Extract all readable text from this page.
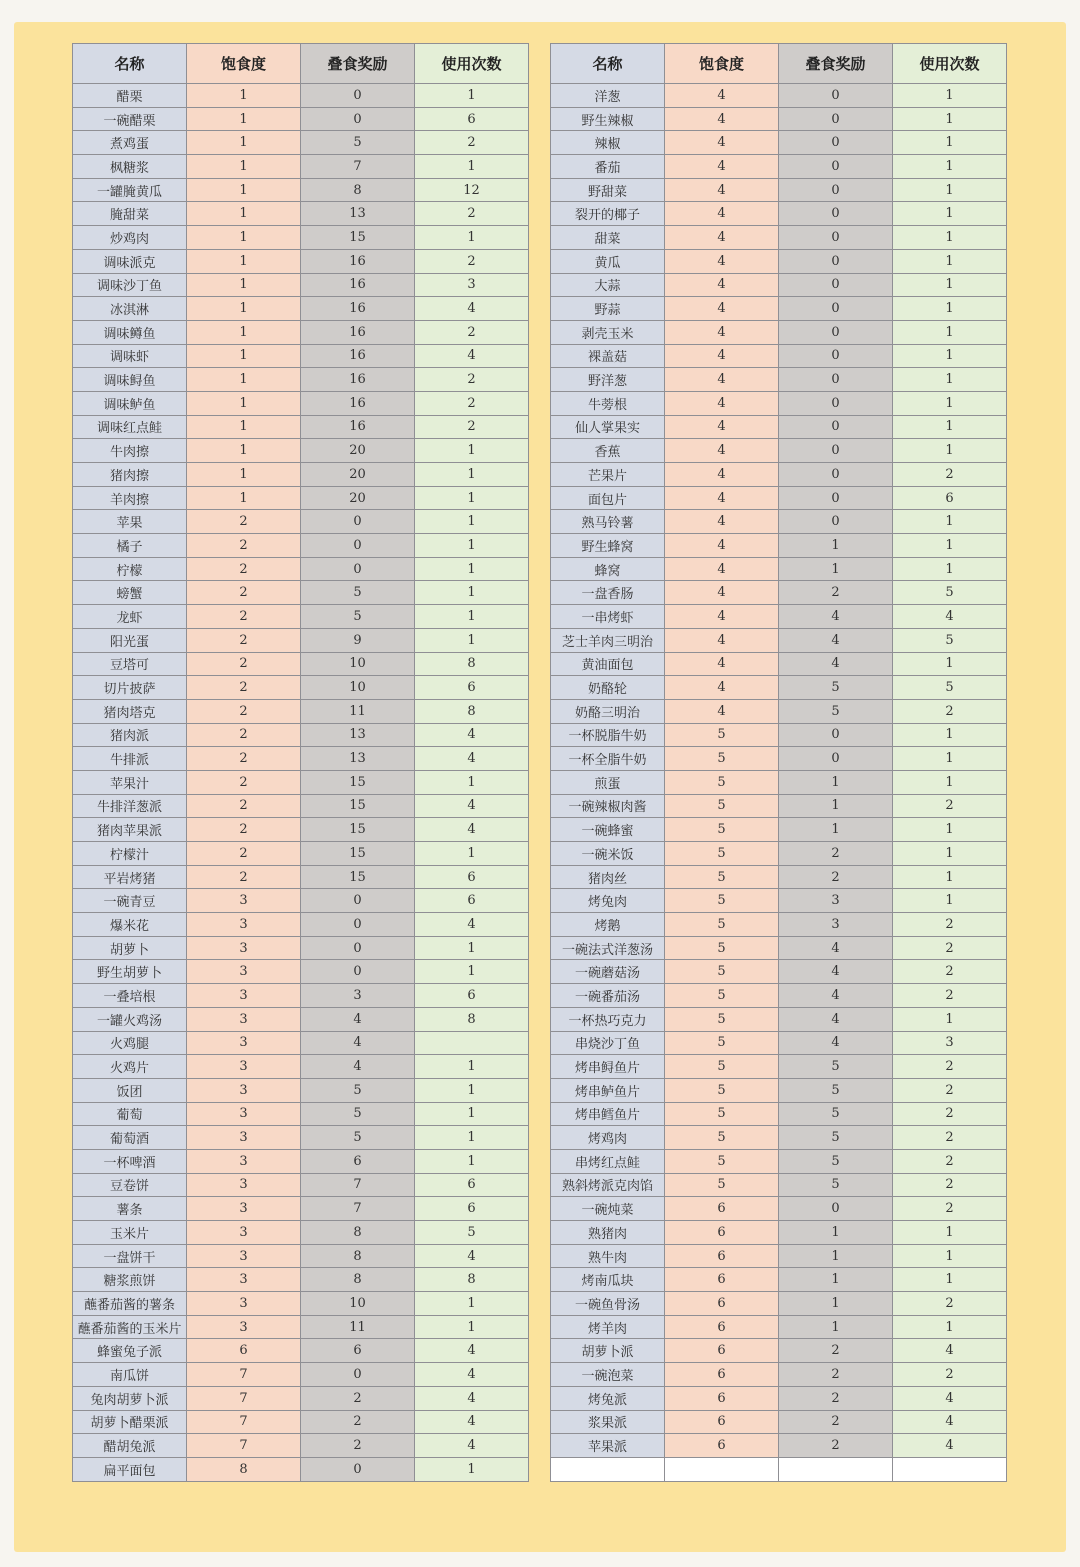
名称	饱食度	叠食奖励	使用次数
醋栗	1	0	1
一碗醋栗	1	0	6
煮鸡蛋	1	5	2
枫糖浆	1	7	1
一罐腌黄瓜	1	8	12
腌甜菜	1	13	2
炒鸡肉	1	15	1
调味派克	1	16	2
调味沙丁鱼	1	16	3
冰淇淋	1	16	4
调味鳟鱼	1	16	2
调味虾	1	16	4
调味鲟鱼	1	16	2
调味鲈鱼	1	16	2
调味红点鲑	1	16	2
牛肉擦	1	20	1
猪肉擦	1	20	1
羊肉擦	1	20	1
苹果	2	0	1
橘子	2	0	1
柠檬	2	0	1
螃蟹	2	5	1
龙虾	2	5	1
阳光蛋	2	9	1
豆塔可	2	10	8
切片披萨	2	10	6
猪肉塔克	2	11	8
猪肉派	2	13	4
牛排派	2	13	4
苹果汁	2	15	1
牛排洋葱派	2	15	4
猪肉苹果派	2	15	4
柠檬汁	2	15	1
平岩烤猪	2	15	6
一碗青豆	3	0	6
爆米花	3	0	4
胡萝卜	3	0	1
野生胡萝卜	3	0	1
一叠培根	3	3	6
一罐火鸡汤	3	4	8
火鸡腿	3	4	
火鸡片	3	4	1
饭团	3	5	1
葡萄	3	5	1
葡萄酒	3	5	1
一杯啤酒	3	6	1
豆卷饼	3	7	6
薯条	3	7	6
玉米片	3	8	5
一盘饼干	3	8	4
糖浆煎饼	3	8	8
蘸番茄酱的薯条	3	10	1
蘸番茄酱的玉米片	3	11	1
蜂蜜兔子派	6	6	4
南瓜饼	7	0	4
兔肉胡萝卜派	7	2	4
胡萝卜醋栗派	7	2	4
醋胡兔派	7	2	4
扁平面包	8	0	1
名称	饱食度	叠食奖励	使用次数
洋葱	4	0	1
野生辣椒	4	0	1
辣椒	4	0	1
番茄	4	0	1
野甜菜	4	0	1
裂开的椰子	4	0	1
甜菜	4	0	1
黄瓜	4	0	1
大蒜	4	0	1
野蒜	4	0	1
剥壳玉米	4	0	1
裸盖菇	4	0	1
野洋葱	4	0	1
牛蒡根	4	0	1
仙人掌果实	4	0	1
香蕉	4	0	1
芒果片	4	0	2
面包片	4	0	6
熟马铃薯	4	0	1
野生蜂窝	4	1	1
蜂窝	4	1	1
一盘香肠	4	2	5
一串烤虾	4	4	4
芝士羊肉三明治	4	4	5
黄油面包	4	4	1
奶酪轮	4	5	5
奶酪三明治	4	5	2
一杯脱脂牛奶	5	0	1
一杯全脂牛奶	5	0	1
煎蛋	5	1	1
一碗辣椒肉酱	5	1	2
一碗蜂蜜	5	1	1
一碗米饭	5	2	1
猪肉丝	5	2	1
烤兔肉	5	3	1
烤鹅	5	3	2
一碗法式洋葱汤	5	4	2
一碗蘑菇汤	5	4	2
一碗番茄汤	5	4	2
一杯热巧克力	5	4	1
串烧沙丁鱼	5	4	3
烤串鲟鱼片	5	5	2
烤串鲈鱼片	5	5	2
烤串鳕鱼片	5	5	2
烤鸡肉	5	5	2
串烤红点鲑	5	5	2
熟斜烤派克肉馅	5	5	2
一碗炖菜	6	0	2
熟猪肉	6	1	1
熟牛肉	6	1	1
烤南瓜块	6	1	1
一碗鱼骨汤	6	1	2
烤羊肉	6	1	1
胡萝卜派	6	2	4
一碗泡菜	6	2	2
烤兔派	6	2	4
浆果派	6	2	4
苹果派	6	2	4
